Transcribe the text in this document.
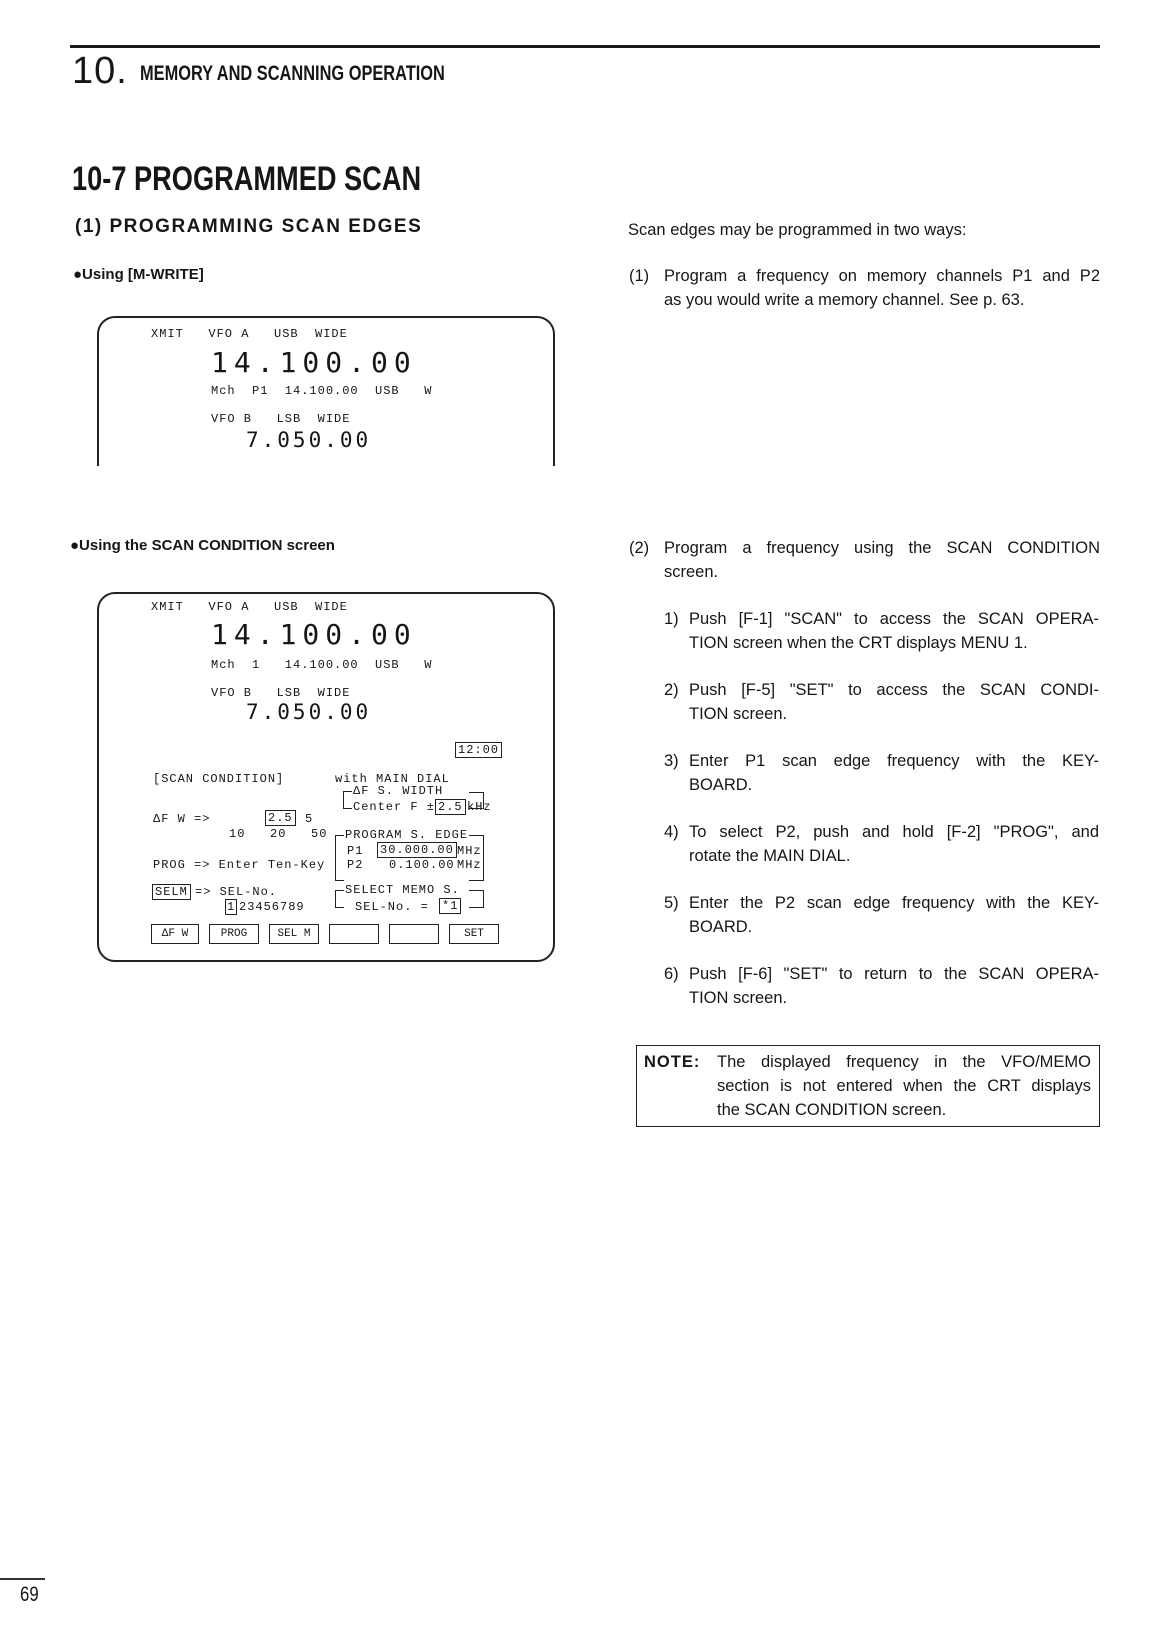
10. MEMORY AND SCANNING OPERATION
10-7 PROGRAMMED SCAN
(1) PROGRAMMING SCAN EDGES
●Using [M-WRITE]
●Using the SCAN CONDITION screen
XMIT   VFO A   USB  WIDE
14.100.00
Mch  P1  14.100.00  USB   W
VFO B   LSB  WIDE
7.050.00
XMIT   VFO A   USB  WIDE
14.100.00
Mch  1   14.100.00  USB   W
VFO B   LSB  WIDE
7.050.00
12:00
[SCAN CONDITION]	with MAIN DIAL
ΔF S. WIDTH
Center F ± 2.5 kHz
ΔF W =>	2.5 5
10   20   50 PROGRAM S. EDGE
P1 30.000.00 MHz
P2 0.100.00 MHz
PROG => Enter Ten-Key
SELM => SEL-No.
1 23456789
SELECT MEMO S.
SEL-No. = *1
ΔF W	PROG	SEL M	SET
Scan edges may be programmed in two ways:
(1) Program a frequency on memory channels P1 and P2
as you would write a memory channel. See p. 63.
(2) Program a frequency using the SCAN CONDITION
screen.
1) Push [F-1] "SCAN" to access the SCAN OPERA-
TION screen when the CRT displays MENU 1.
2) Push [F-5] "SET" to access the SCAN CONDI-
TION screen.
3) Enter P1 scan edge frequency with the KEY-
BOARD.
4) To select P2, push and hold [F-2] "PROG", and
rotate the MAIN DIAL.
5) Enter the P2 scan edge frequency with the KEY-
BOARD.
6) Push [F-6] "SET" to return to the SCAN OPERA-
TION screen.
NOTE: The displayed frequency in the VFO/MEMO
section is not entered when the CRT displays
the SCAN CONDITION screen.
69
